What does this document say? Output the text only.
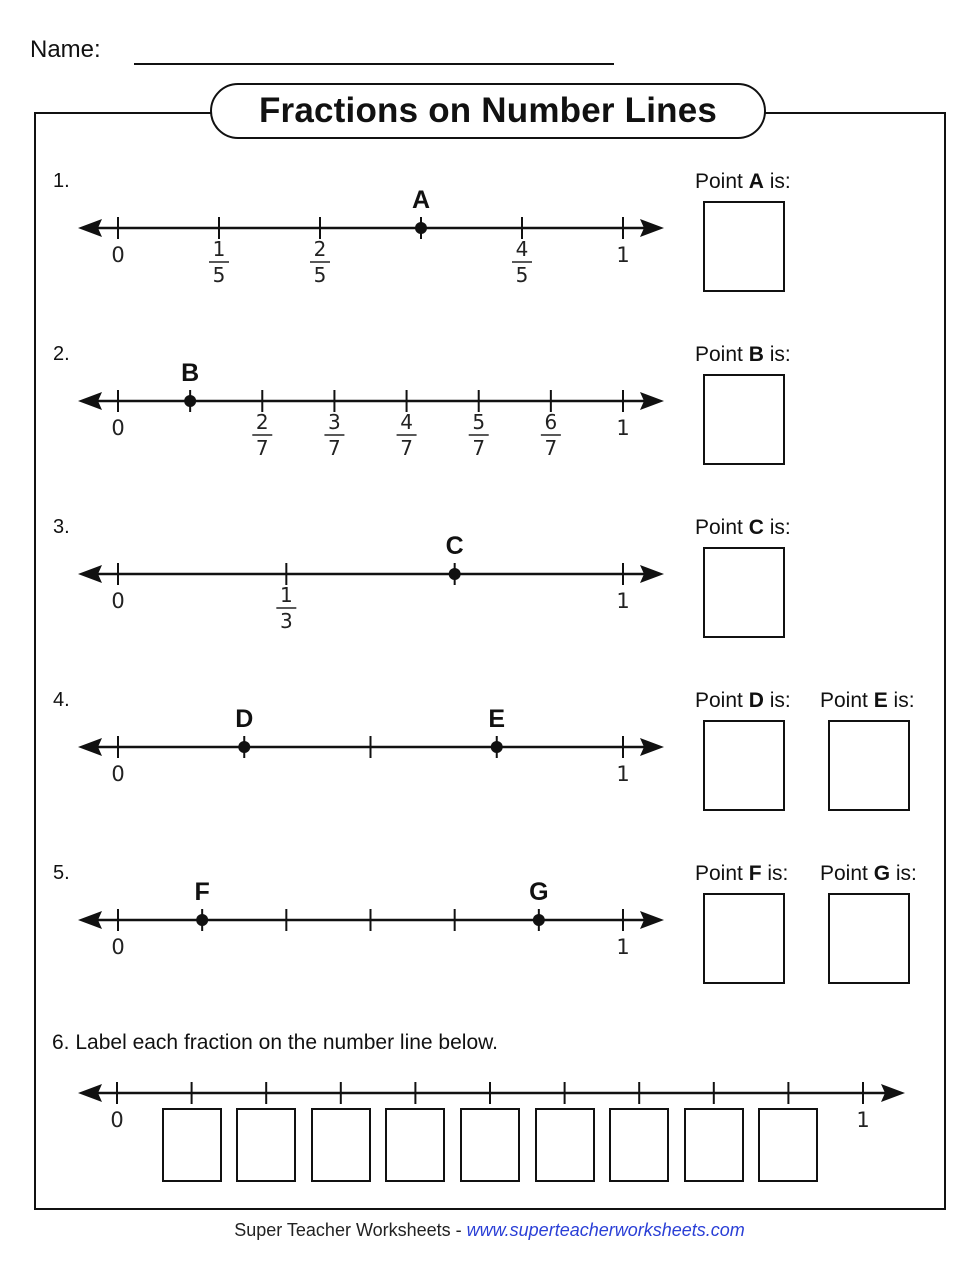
Name:
Fractions on Number Lines
1.
0	1
1
5
2
5
4
5
A
Point A is:
2.
0	1
2
7
3
7
4
7
5
7
6
7
B
Point B is:
3.
0	1
1
3
C
Point C is:
4.
0	1
D	E
Point D is: Point E is:
5.
0	1
F	G
Point F is: Point G is:
6. Label each fraction on the number line below.
0	1
Super Teacher Worksheets - www.superteacherworksheets.com
